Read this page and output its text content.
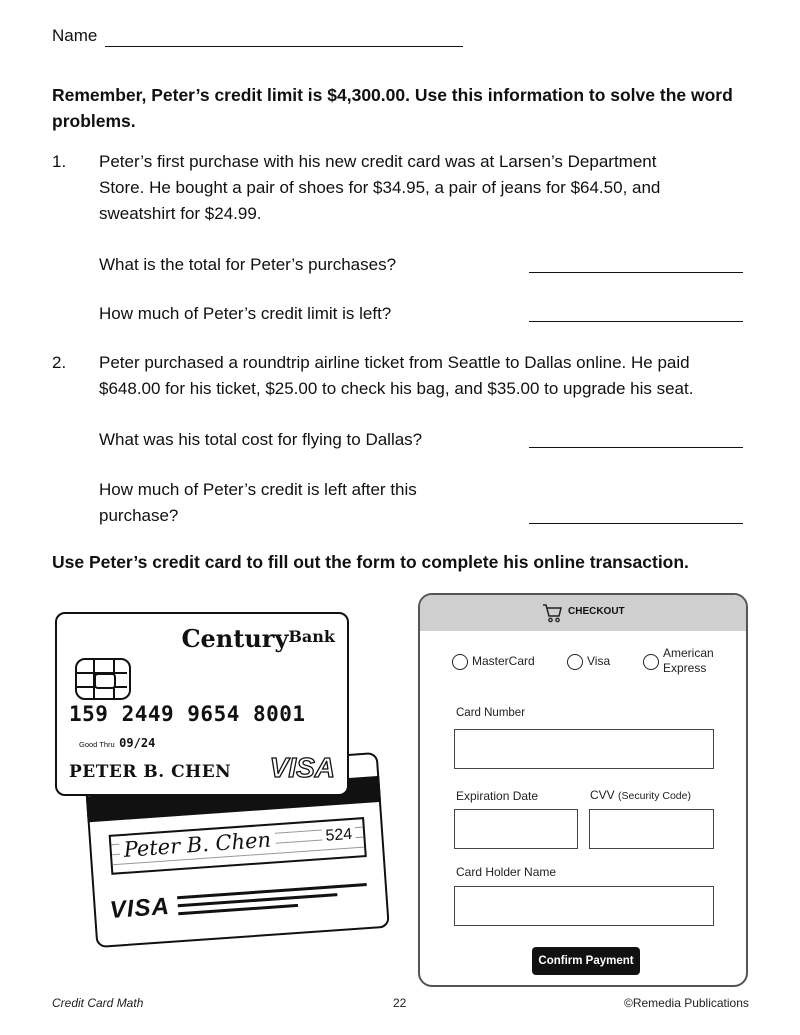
Name
Remember, Peter’s credit limit is $4,300.00. Use this information to solve the word problems.
1. Peter’s first purchase with his new credit card was at Larsen’s Department
Store. He bought a pair of shoes for $34.95, a pair of jeans for $64.50, and
sweatshirt for $24.99.
What is the total for Peter’s purchases?
How much of Peter’s credit limit is left?
2. Peter purchased a roundtrip airline ticket from Seattle to Dallas online. He paid
$648.00 for his ticket, $25.00 to check his bag, and $35.00 to upgrade his seat.
What was his total cost for flying to Dallas?
How much of Peter’s credit is left after this
purchase?
Use Peter’s credit card to fill out the form to complete his online transaction.
Peter B. Chen	524
VISA
Century$^{Bank}$
159 2449 9654 8001
Good Thru 09/24
PETER B. CHEN VISA
CHECKOUT
MasterCard	Visa
American Express
Card Number
Expiration Date	CVV (Security Code)
Card Holder Name
Confirm Payment
Credit Card Math	22	©Remedia Publications
